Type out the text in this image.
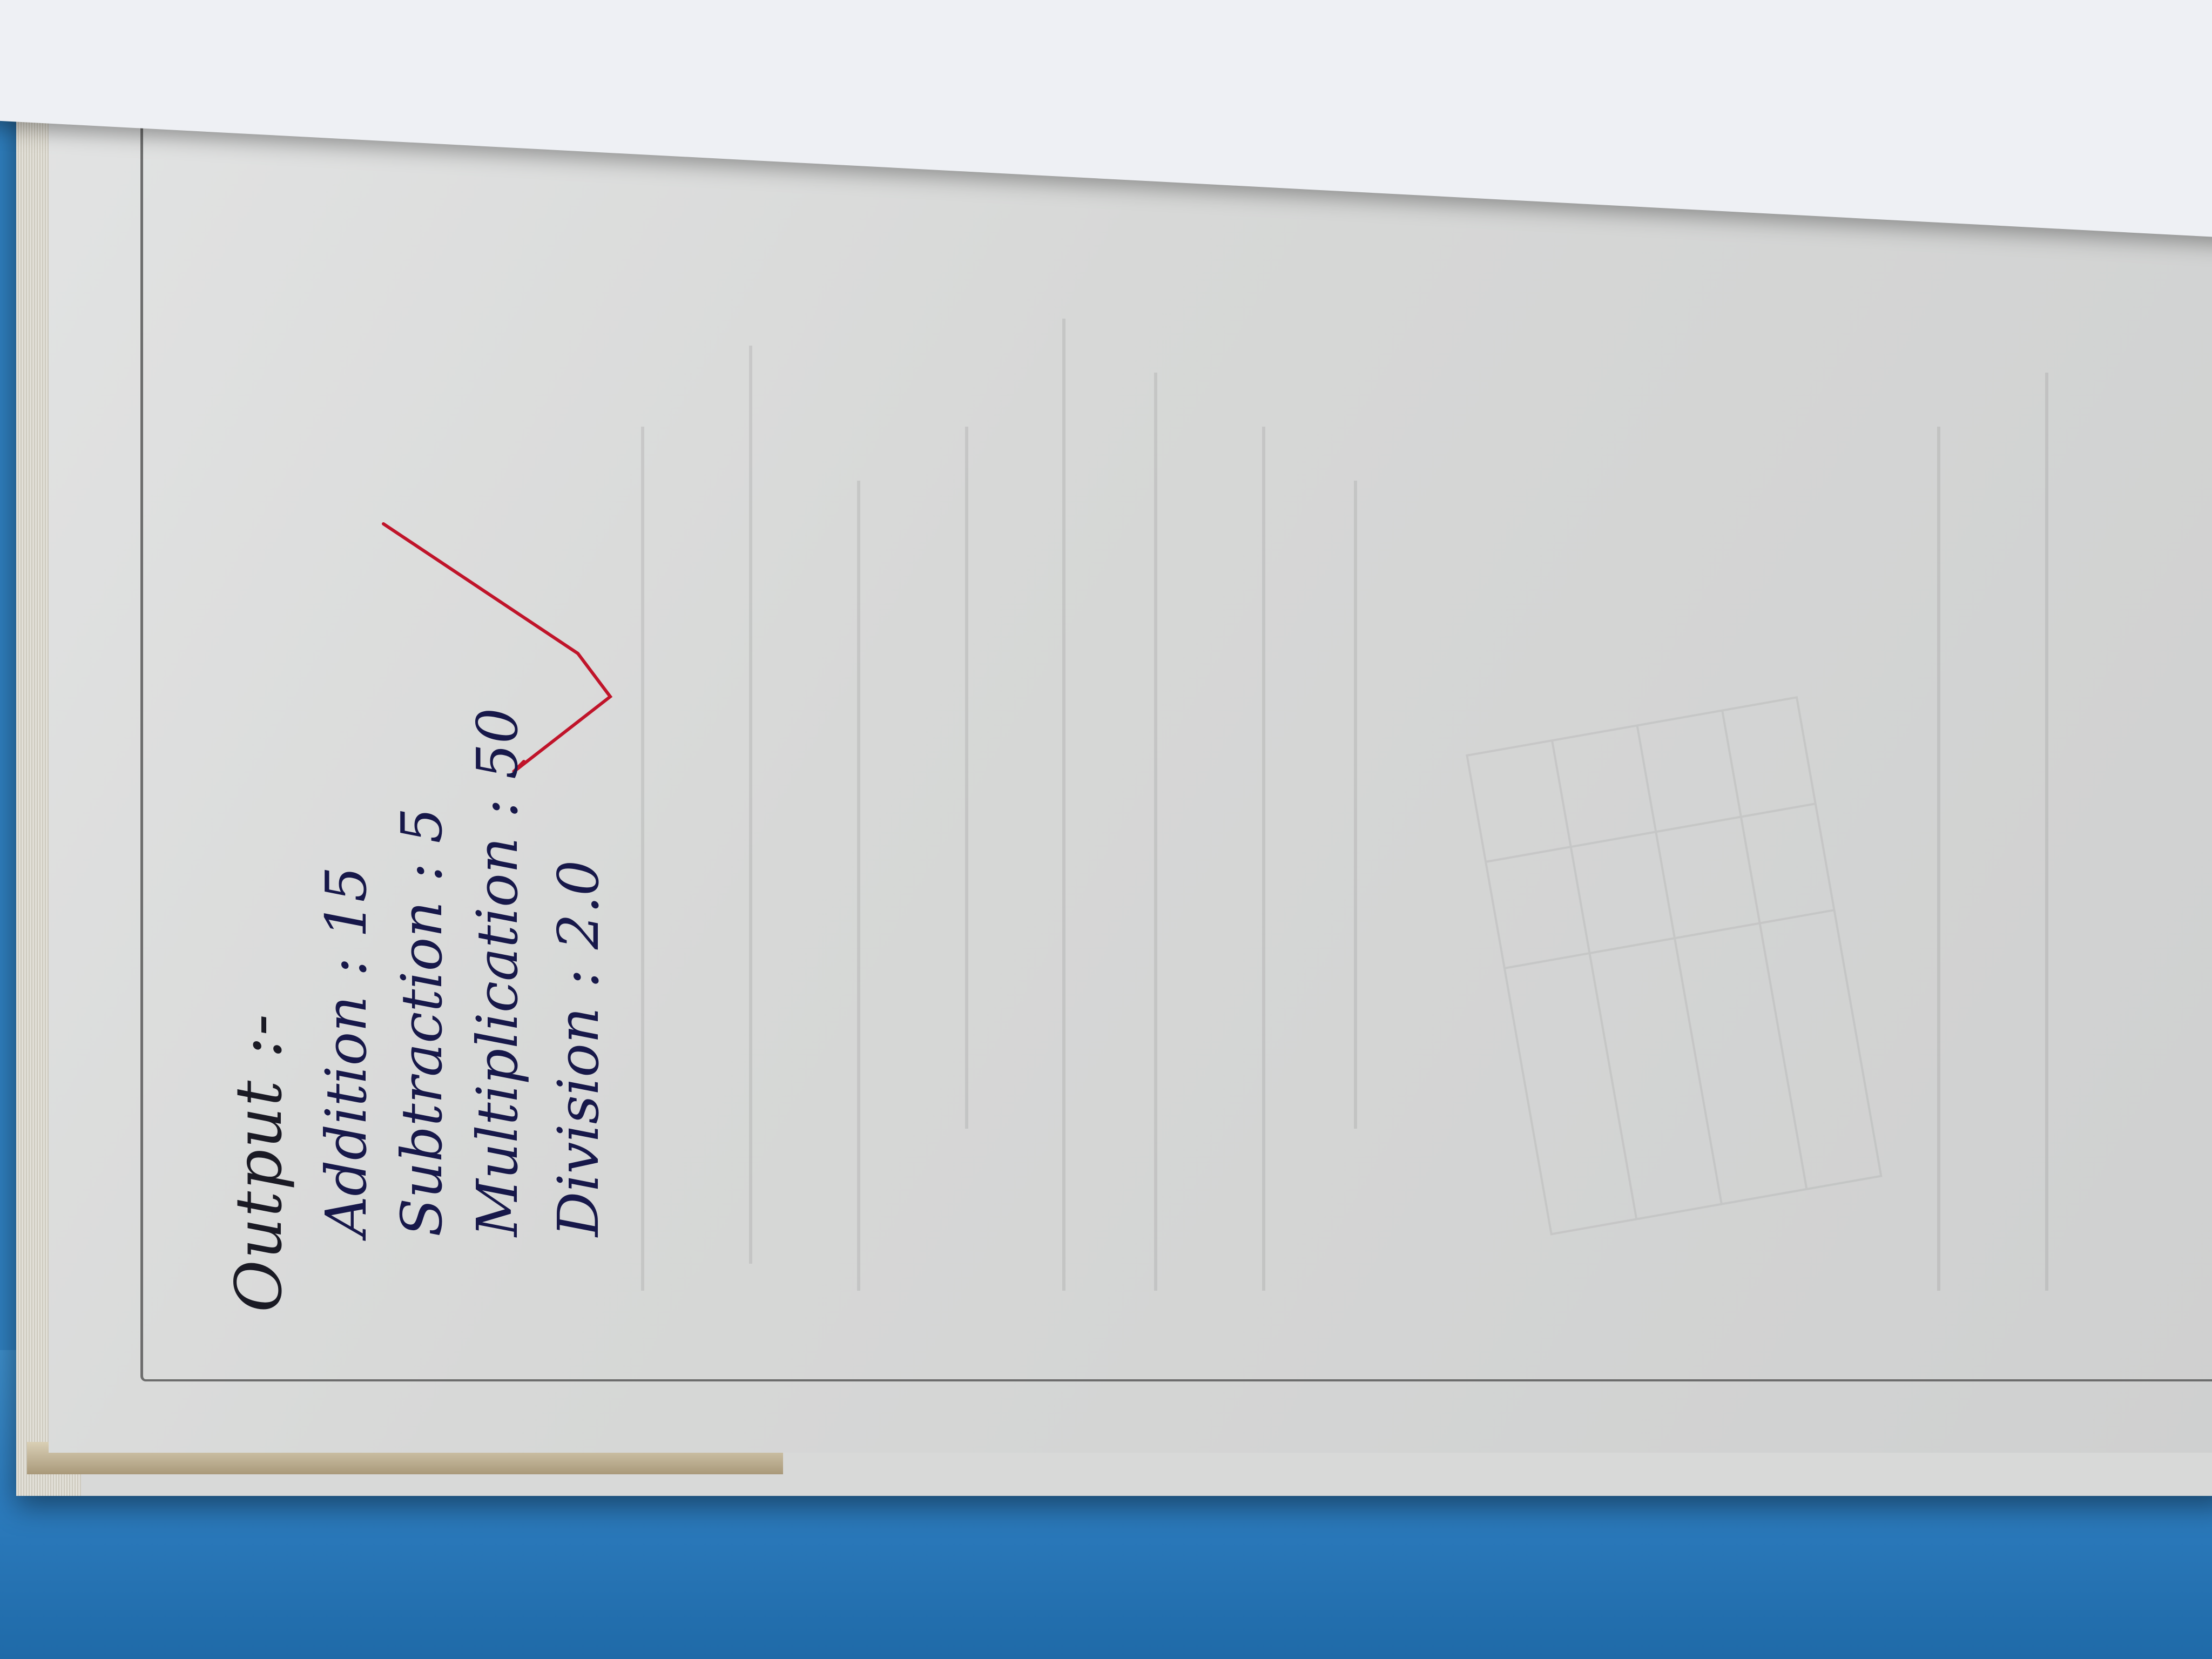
Output :- Addition:15 Subtraction:5
Multiplication:50
Division:2.0
